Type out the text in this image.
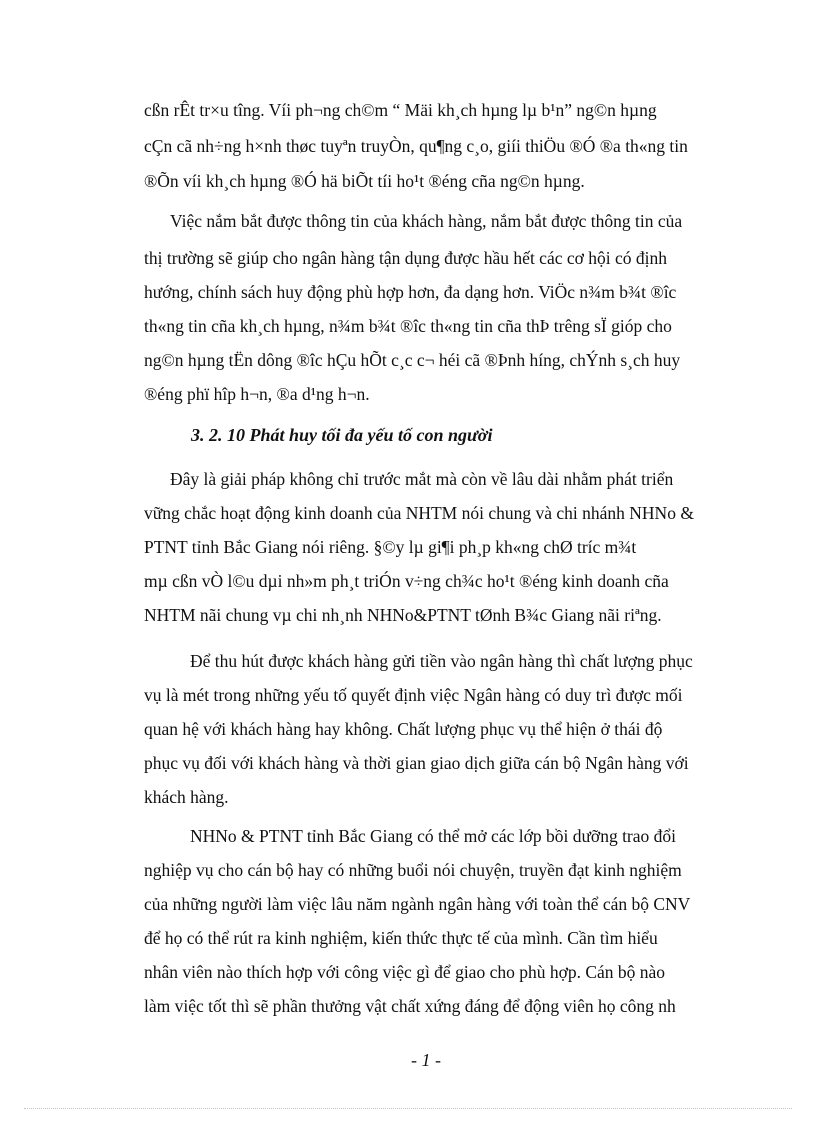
cßn rÊt tr×u tîng. Víi ph¬ng ch©m “ Mäi kh¸ch hµng lµ b¹n” ng©n hµng
cÇn cã nh÷ng h×nh thøc tuyªn truyÒn, qu¶ng c¸o, giíi thiÖu ®Ó ®a th«ng tin
®Õn víi kh¸ch hµng ®Ó hä biÕt tíi ho¹t ®éng cña ng©n hµng.
Việc nắm bắt được thông tin của khách hàng, nắm bắt được thông tin của
thị trường sẽ giúp cho ngân hàng tận dụng được hầu hết các cơ hội có định
hướng, chính sách huy động phù hợp hơn, đa dạng hơn. ViÖc n¾m b¾t ®îc
th«ng tin cña kh¸ch hµng, n¾m b¾t ®îc th«ng tin cña thÞ trêng sÏ gióp cho
ng©n hµng tËn dông ®îc hÇu hÕt c¸c c¬ héi cã ®Þnh híng, chÝnh s¸ch huy
®éng phï hîp h¬n, ®a d¹ng h¬n.
3. 2. 10 Phát huy tối đa yếu tố con người
Đây là giải pháp không chỉ trước mắt mà còn về lâu dài nhằm phát triển
vững chắc hoạt động kinh doanh của NHTM nói chung và chi nhánh NHNo &
PTNT tỉnh Bắc Giang nói riêng. §©y lµ gi¶i ph¸p kh«ng chØ tríc m¾t
mµ cßn vÒ l©u dµi nh»m ph¸t triÓn v÷ng ch¾c ho¹t ®éng kinh doanh cña
NHTM nãi chung vµ chi nh¸nh NHNo&PTNT tØnh B¾c Giang nãi riªng.
Để thu hút được khách hàng gửi tiền vào ngân hàng thì chất lượng phục
vụ là mét trong những yếu tố quyết định việc Ngân hàng có duy trì được mối
quan hệ với khách hàng hay không. Chất lượng phục vụ thể hiện ở thái độ
phục vụ đối với khách hàng và thời gian giao dịch giữa cán bộ Ngân hàng với
khách hàng.
NHNo & PTNT tỉnh Bắc Giang có thể mở các lớp bồi dưỡng trao đổi
nghiệp vụ cho cán bộ hay có những buổi nói chuyện, truyền đạt kinh nghiệm
của những người làm việc lâu năm ngành ngân hàng với toàn thể cán bộ CNV
để họ có thể rút ra kinh nghiệm, kiến thức thực tế của mình. Cần tìm hiểu
nhân viên nào thích hợp với công việc gì để giao cho phù hợp. Cán bộ nào
làm việc tốt thì sẽ phần thưởng vật chất xứng đáng để động viên họ công nh
- 1 -
